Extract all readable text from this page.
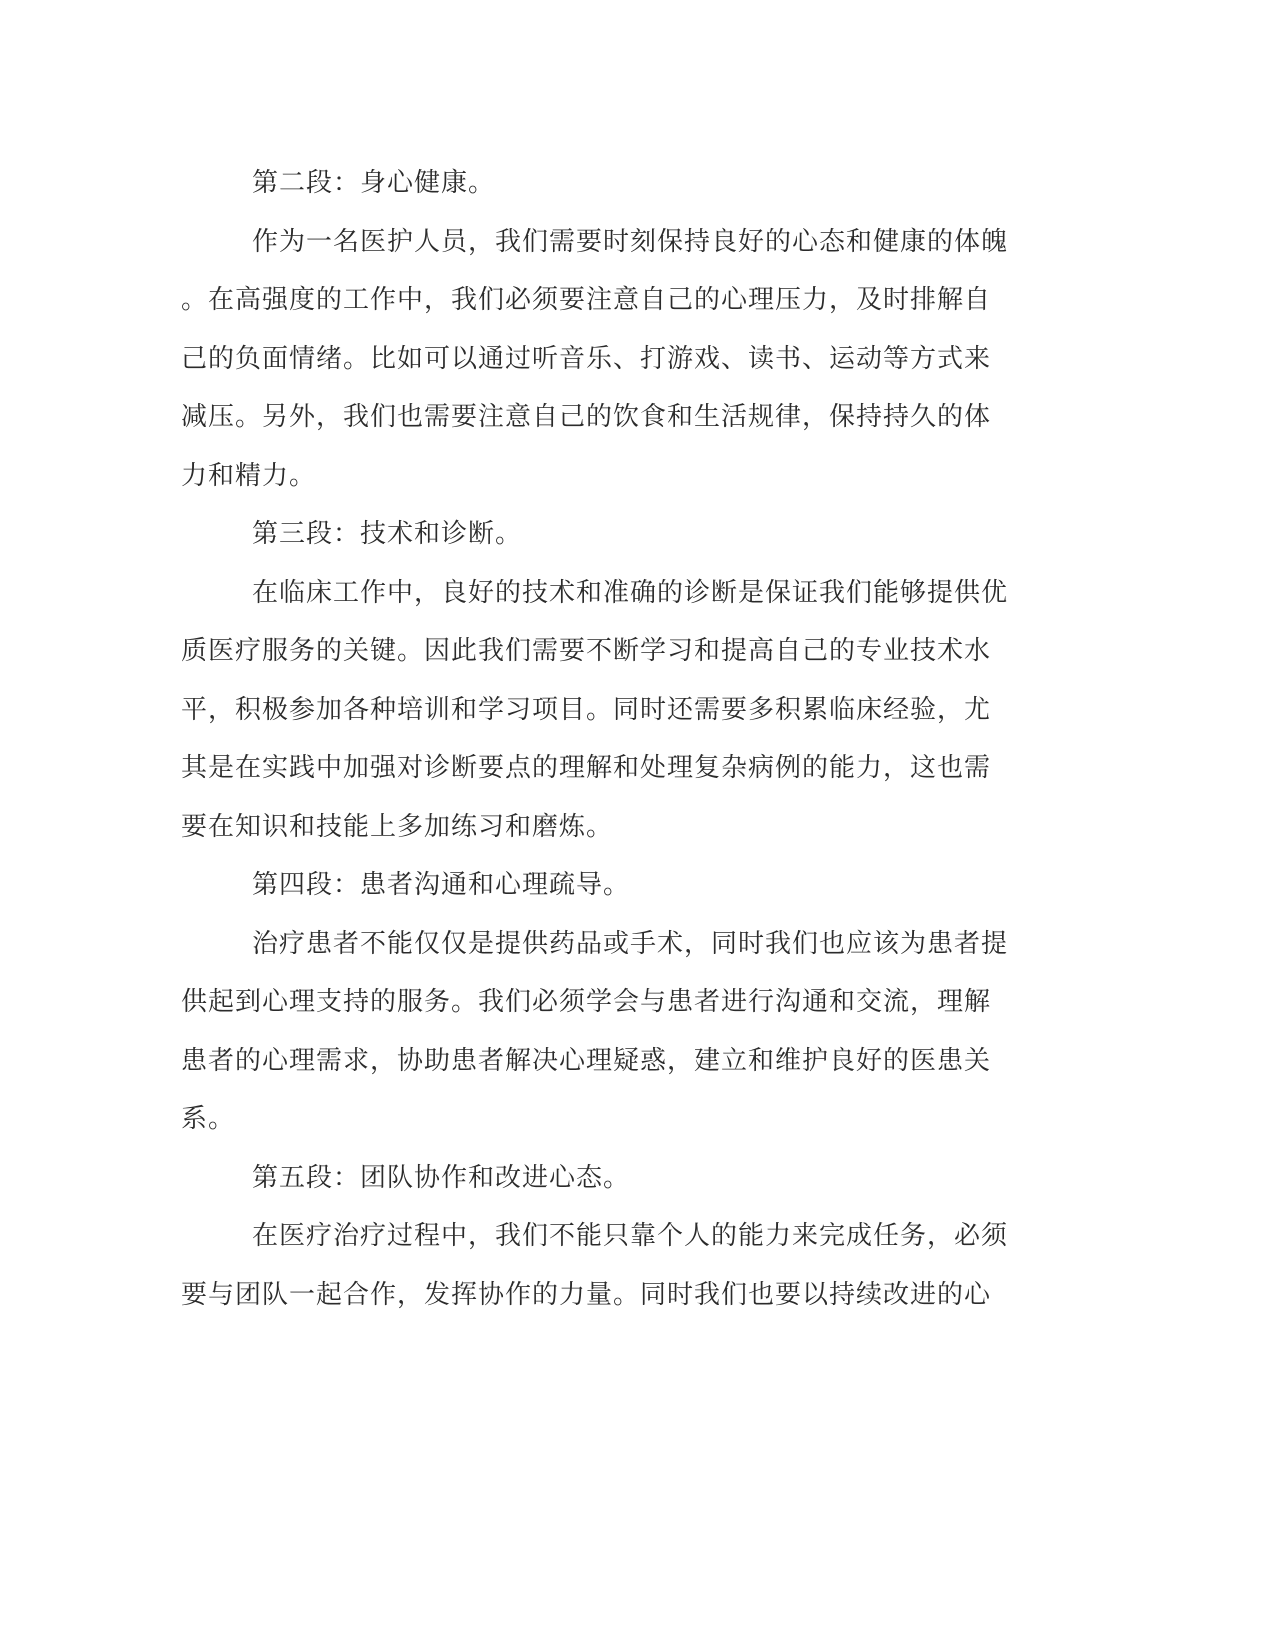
第二段：身心健康。
作为一名医护人员，我们需要时刻保持良好的心态和健康的体魄
。在高强度的工作中，我们必须要注意自己的心理压力，及时排解自
己的负面情绪。比如可以通过听音乐、打游戏、读书、运动等方式来
减压。另外，我们也需要注意自己的饮食和生活规律，保持持久的体
力和精力。
第三段：技术和诊断。
在临床工作中，良好的技术和准确的诊断是保证我们能够提供优
质医疗服务的关键。因此我们需要不断学习和提高自己的专业技术水
平，积极参加各种培训和学习项目。同时还需要多积累临床经验，尤
其是在实践中加强对诊断要点的理解和处理复杂病例的能力，这也需
要在知识和技能上多加练习和磨炼。
第四段：患者沟通和心理疏导。
治疗患者不能仅仅是提供药品或手术，同时我们也应该为患者提
供起到心理支持的服务。我们必须学会与患者进行沟通和交流，理解
患者的心理需求，协助患者解决心理疑惑，建立和维护良好的医患关
系。
第五段：团队协作和改进心态。
在医疗治疗过程中，我们不能只靠个人的能力来完成任务，必须
要与团队一起合作，发挥协作的力量。同时我们也要以持续改进的心
